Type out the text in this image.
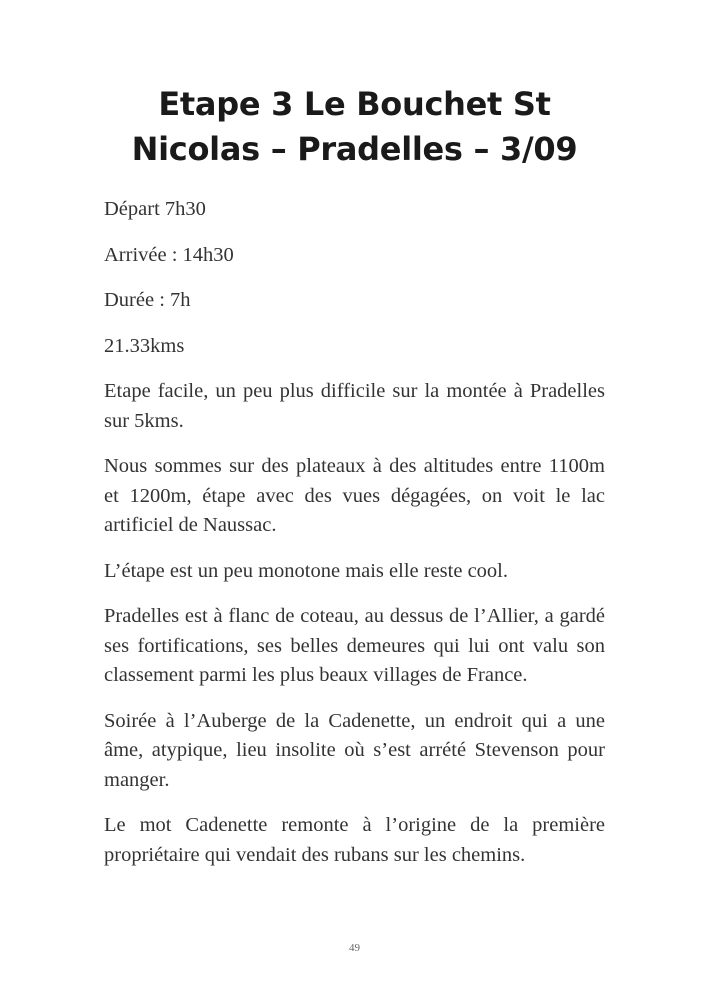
Etape 3 Le Bouchet St Nicolas – Pradelles – 3/09

Départ 7h30

Arrivée : 14h30

Durée : 7h

21.33kms

Etape facile, un peu plus difficile sur la montée à Pradelles sur 5kms.

Nous sommes sur des plateaux à des altitudes entre 1100m et 1200m, étape avec des vues dégagées, on voit le lac artificiel de Naussac.

L’étape est un peu monotone mais elle reste cool.

Pradelles est à flanc de coteau, au dessus de l’Allier, a gardé ses fortifications, ses belles demeures qui lui ont valu son classement parmi les plus beaux villages de France.

Soirée à l’Auberge de la Cadenette, un endroit qui a une âme, atypique, lieu insolite où s’est arrété Stevenson pour manger.

Le mot Cadenette remonte à l’origine de la première propriétaire qui vendait des rubans sur les chemins.

49
